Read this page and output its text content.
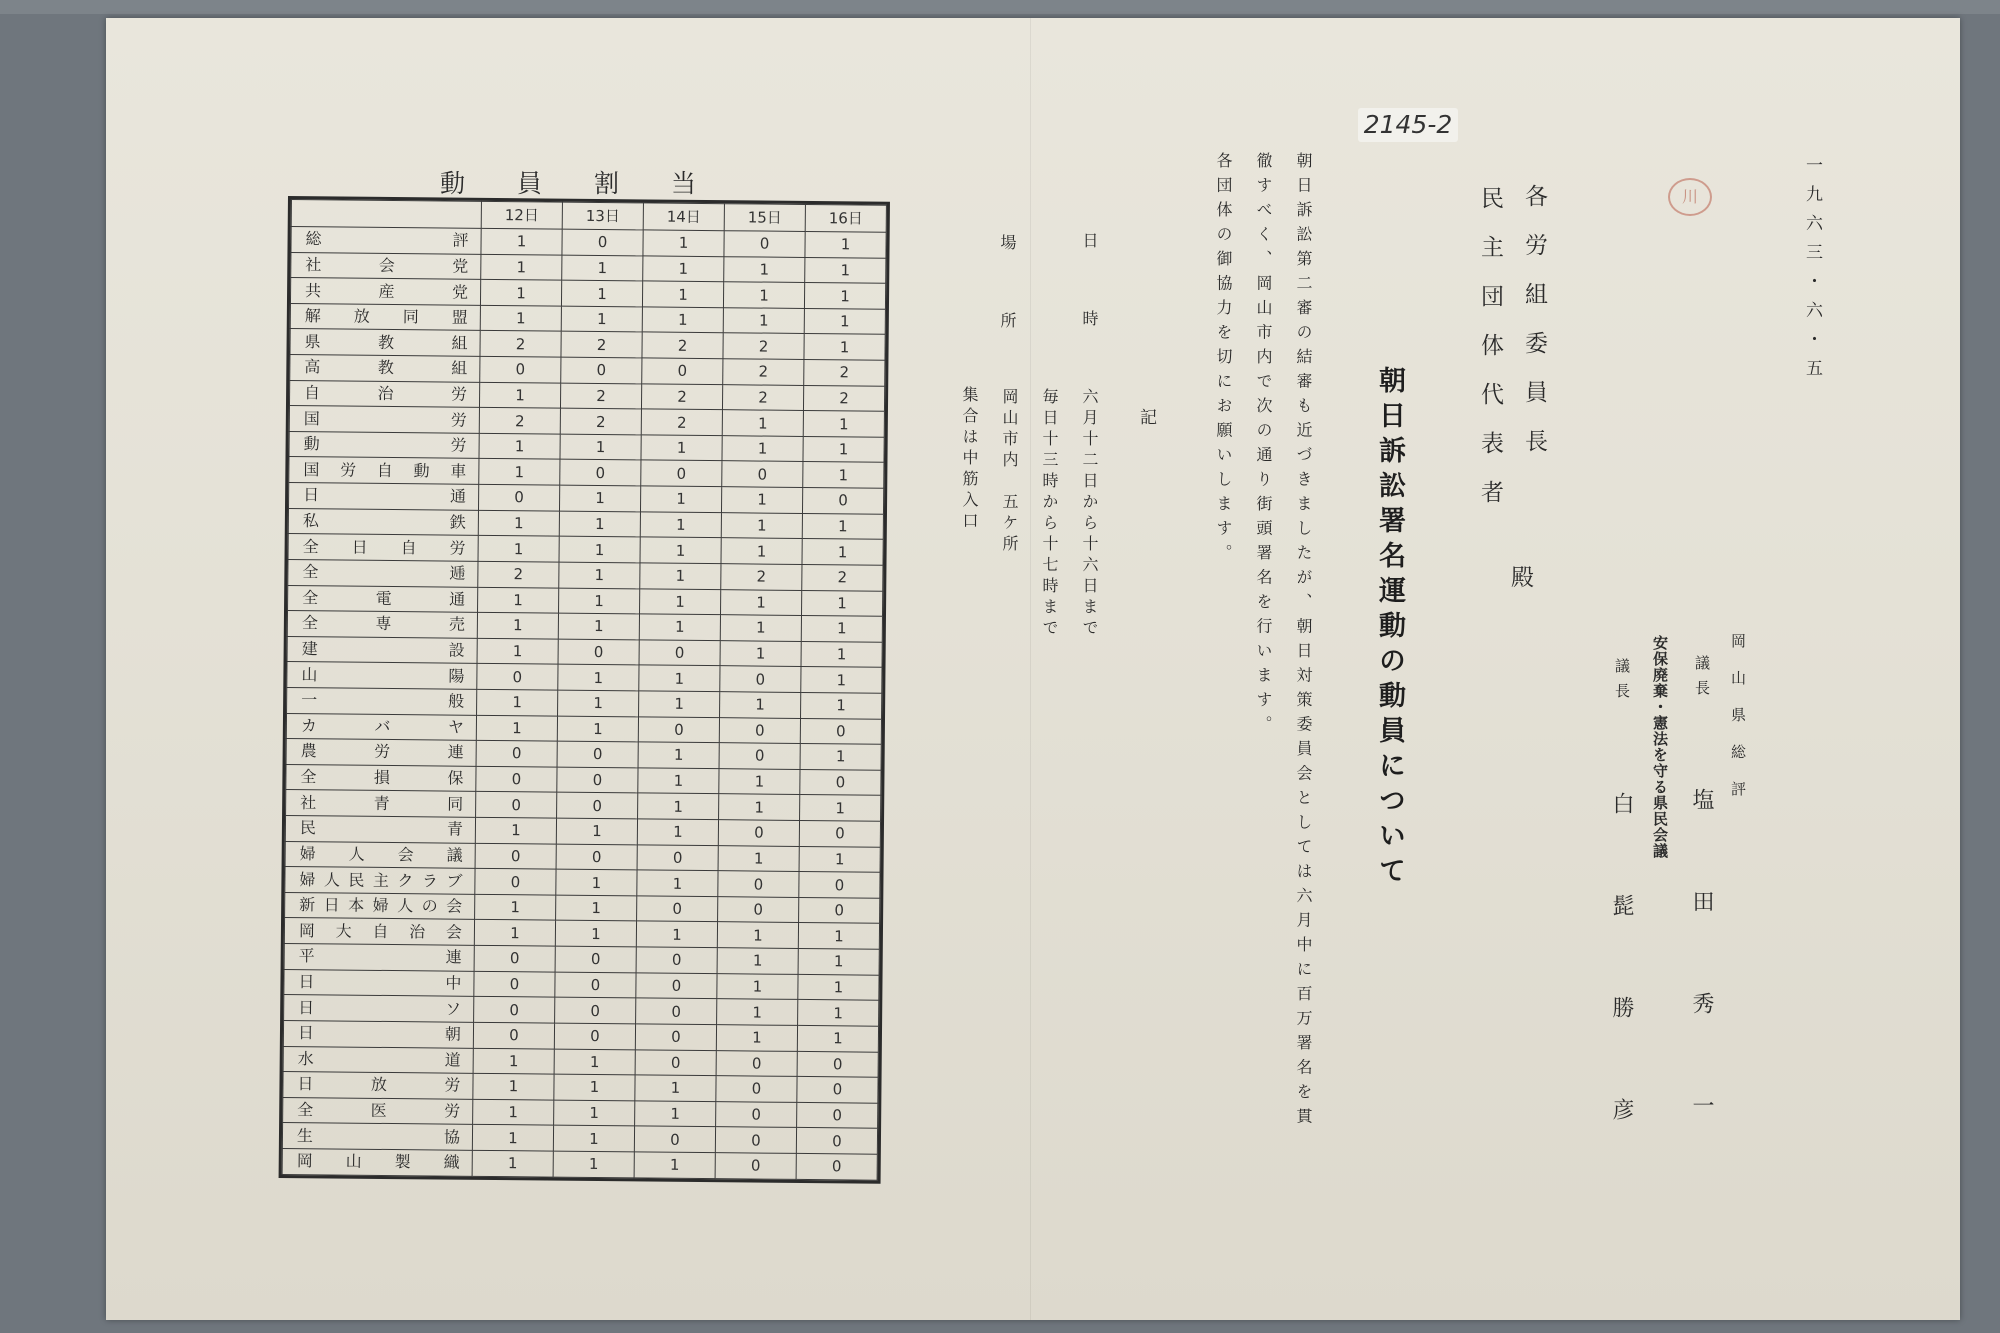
一九六三・六・五
川
2145-2
各労組委員長
民主団体代表者
殿
岡山県総評
議長
塩田秀一
安保廃棄・憲法を守る県民会議
議長
白髭勝彦
朝日訴訟署名運動の動員について
朝日訴訟第二審の結審も近づきましたが、朝日対策委員会としては六月中に百万署名を貫
徹すべく、岡山市内で次の通り街頭署名を行います。
各団体の御協力を切にお願いします。
記
日　　時
六月十二日から十六日まで
毎日十三時から十七時まで
場　　所
岡山市内　五ケ所
集合は中筋入口
動員割当
	12日	13日	14日	15日	16日
総評	1	0	1	0	1
社会党	1	1	1	1	1
共産党	1	1	1	1	1
解放同盟	1	1	1	1	1
県教組	2	2	2	2	1
高教組	0	0	0	2	2
自治労	1	2	2	2	2
国労	2	2	2	1	1
動労	1	1	1	1	1
国労自動車	1	0	0	0	1
日通	0	1	1	1	0
私鉄	1	1	1	1	1
全日自労	1	1	1	1	1
全逓	2	1	1	2	2
全電通	1	1	1	1	1
全専売	1	1	1	1	1
建設	1	0	0	1	1
山陽	0	1	1	0	1
一般	1	1	1	1	1
カバヤ	1	1	0	0	0
農労連	0	0	1	0	1
全損保	0	0	1	1	0
社青同	0	0	1	1	1
民青	1	1	1	0	0
婦人会議	0	0	0	1	1
婦人民主クラブ	0	1	1	0	0
新日本婦人の会	1	1	0	0	0
岡大自治会	1	1	1	1	1
平連	0	0	0	1	1
日中	0	0	0	1	1
日ソ	0	0	0	1	1
日朝	0	0	0	1	1
水道	1	1	0	0	0
日放労	1	1	1	0	0
全医労	1	1	1	0	0
生協	1	1	0	0	0
岡山製織	1	1	1	0	0
